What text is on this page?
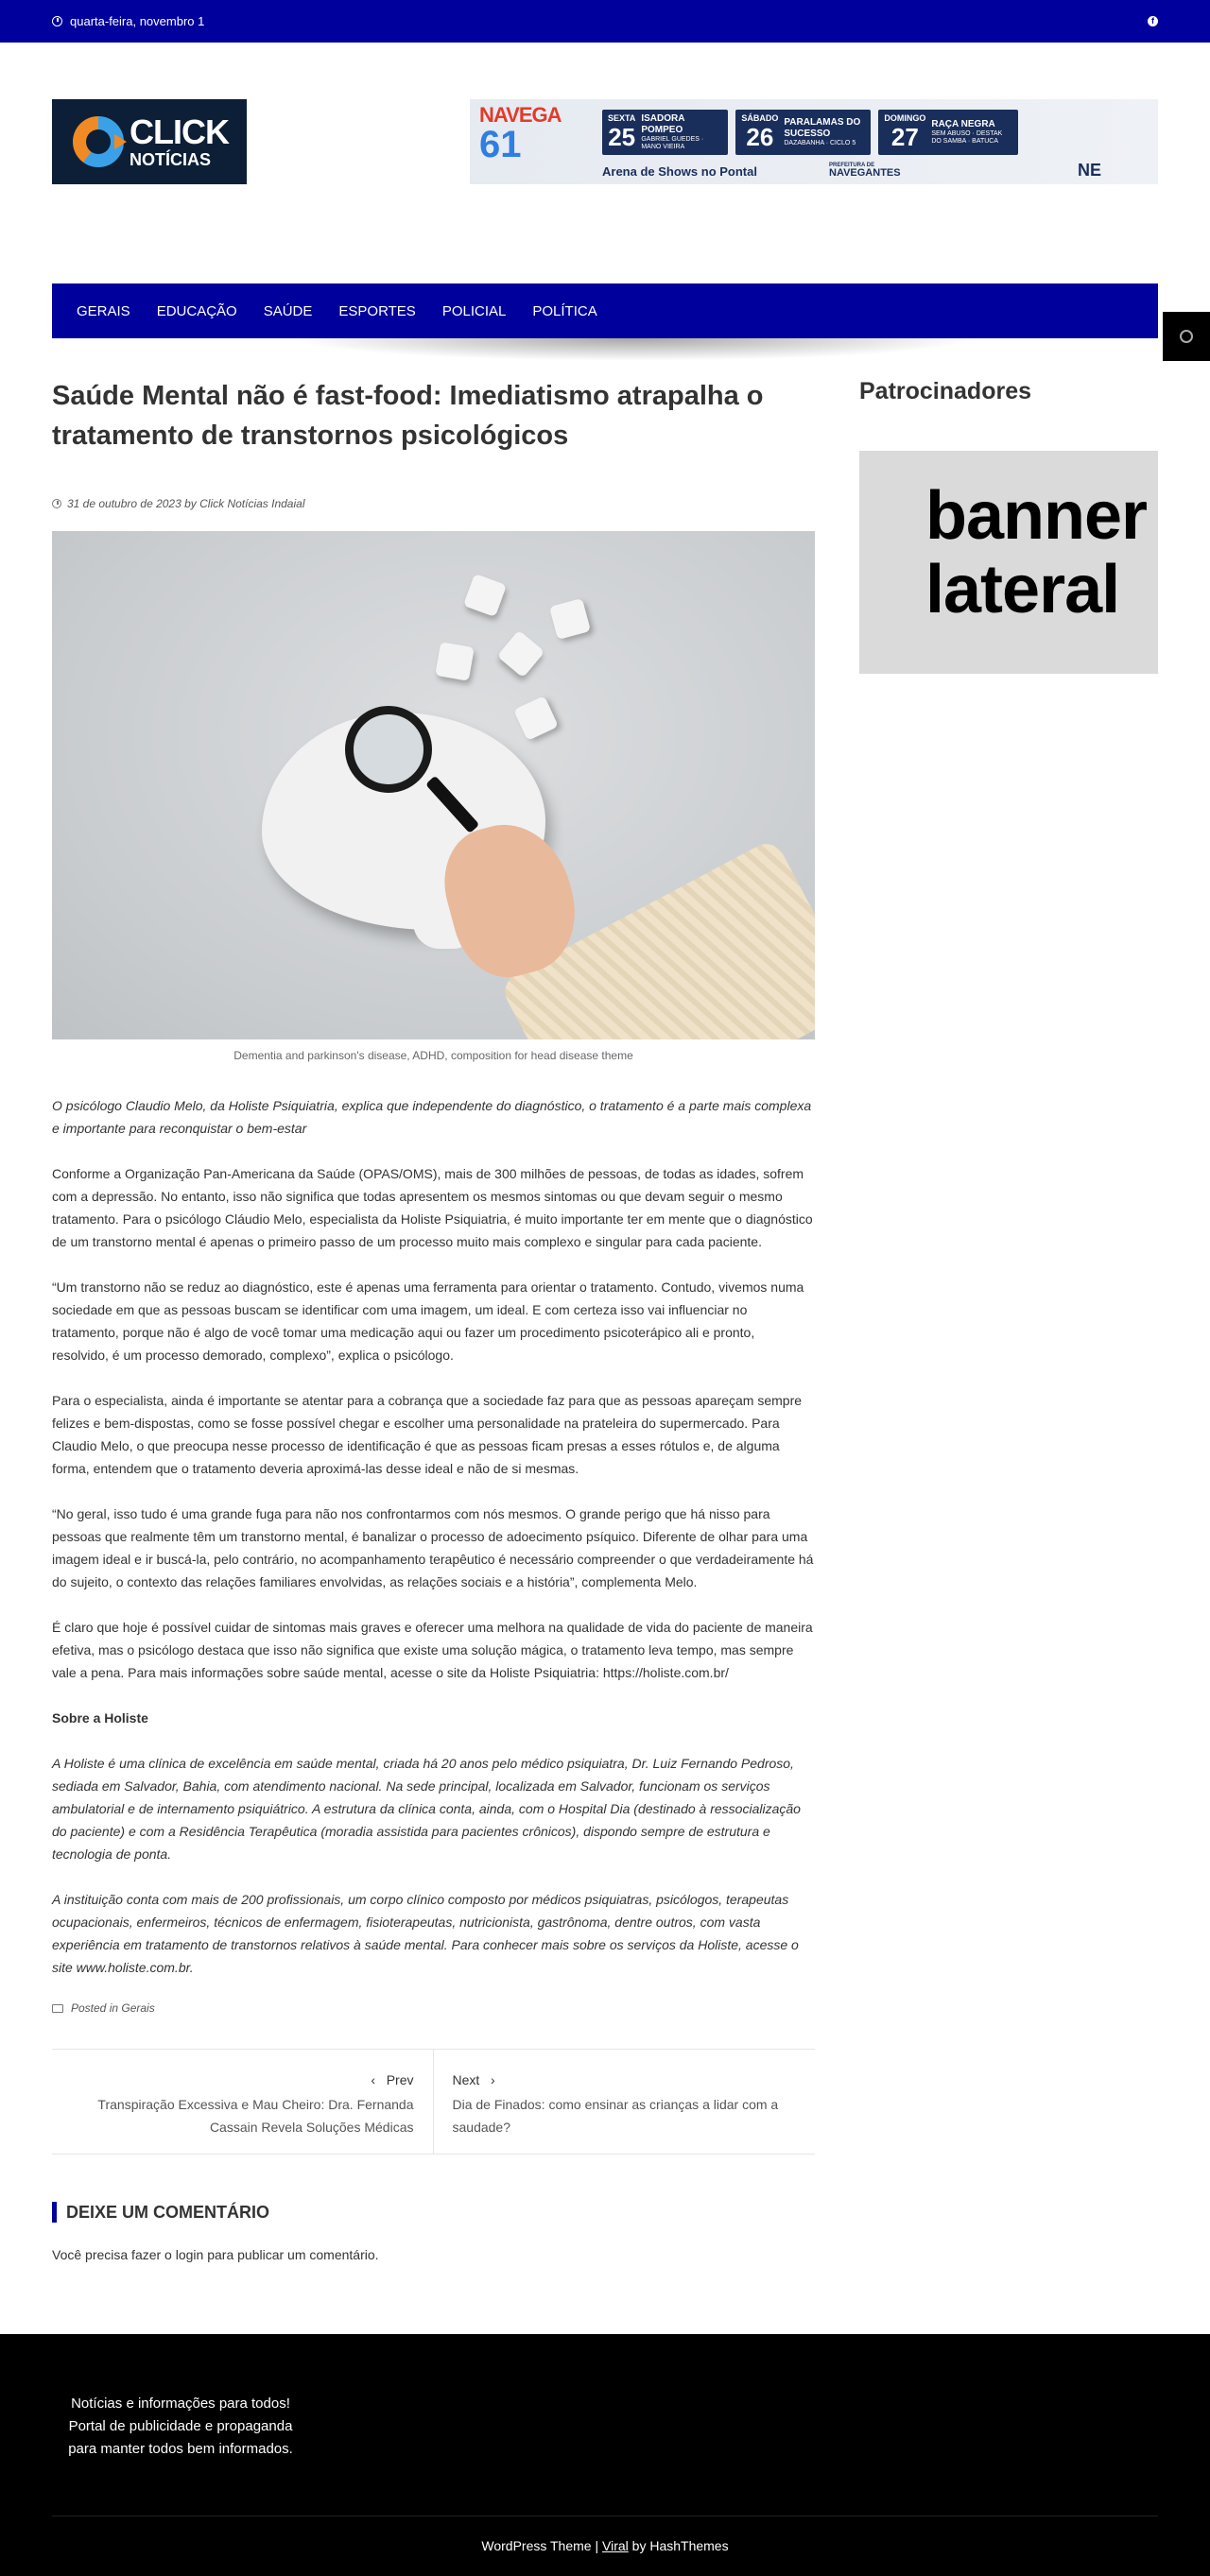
quarta-feira, novembro 1	f
CLICK
NOTÍCIAS
NAVEGA
61
SEXTA
25
ISADORA POMPEO
GABRIEL GUEDES · MANO VIEIRA
SÁBADO
26
PARALAMAS DO SUCESSO
DAZABANHA · CICLO 5
DOMINGO
27	RAÇA NEGRA
SEM ABUSO · DESTAK DO SAMBA · BATUCA
Arena de Shows no Pontal	PREFEITURA DE
NAVEGANTES	NE
GERAIS	EDUCAÇÃO	SAÚDE	ESPORTES	POLICIAL	POLÍTICA
Saúde Mental não é fast-food: Imediatismo atrapalha o tratamento de transtornos psicológicos
31 de outubro de 2023 by Click Notícias Indaial
Dementia and parkinson's disease, ADHD, composition for head disease theme

O psicólogo Claudio Melo, da Holiste Psiquiatria, explica que independente do diagnóstico, o tratamento é a parte mais complexa e importante para reconquistar o bem-estar

Conforme a Organização Pan-Americana da Saúde (OPAS/OMS), mais de 300 milhões de pessoas, de todas as idades, sofrem com a depressão. No entanto, isso não significa que todas apresentem os mesmos sintomas ou que devam seguir o mesmo tratamento. Para o psicólogo Cláudio Melo, especialista da Holiste Psiquiatria, é muito importante ter em mente que o diagnóstico de um transtorno mental é apenas o primeiro passo de um processo muito mais complexo e singular para cada paciente.

“Um transtorno não se reduz ao diagnóstico, este é apenas uma ferramenta para orientar o tratamento. Contudo, vivemos numa sociedade em que as pessoas buscam se identificar com uma imagem, um ideal. E com certeza isso vai influenciar no tratamento, porque não é algo de você tomar uma medicação aqui ou fazer um procedimento psicoterápico ali e pronto, resolvido, é um processo demorado, complexo”, explica o psicólogo.

Para o especialista, ainda é importante se atentar para a cobrança que a sociedade faz para que as pessoas apareçam sempre felizes e bem-dispostas, como se fosse possível chegar e escolher uma personalidade na prateleira do supermercado. Para Claudio Melo, o que preocupa nesse processo de identificação é que as pessoas ficam presas a esses rótulos e, de alguma forma, entendem que o tratamento deveria aproximá-las desse ideal e não de si mesmas.

“No geral, isso tudo é uma grande fuga para não nos confrontarmos com nós mesmos. O grande perigo que há nisso para pessoas que realmente têm um transtorno mental, é banalizar o processo de adoecimento psíquico. Diferente de olhar para uma imagem ideal e ir buscá-la, pelo contrário, no acompanhamento terapêutico é necessário compreender o que verdadeiramente há do sujeito, o contexto das relações familiares envolvidas, as relações sociais e a história”, complementa Melo.

É claro que hoje é possível cuidar de sintomas mais graves e oferecer uma melhora na qualidade de vida do paciente de maneira efetiva, mas o psicólogo destaca que isso não significa que existe uma solução mágica, o tratamento leva tempo, mas sempre vale a pena. Para mais informações sobre saúde mental, acesse o site da Holiste Psiquiatria: https://holiste.com.br/

Sobre a Holiste

A Holiste é uma clínica de excelência em saúde mental, criada há 20 anos pelo médico psiquiatra, Dr. Luiz Fernando Pedroso, sediada em Salvador, Bahia, com atendimento nacional. Na sede principal, localizada em Salvador, funcionam os serviços ambulatorial e de internamento psiquiátrico. A estrutura da clínica conta, ainda, com o Hospital Dia (destinado à ressocialização do paciente) e com a Residência Terapêutica (moradia assistida para pacientes crônicos), dispondo sempre de estrutura e tecnologia de ponta.

A instituição conta com mais de 200 profissionais, um corpo clínico composto por médicos psiquiatras, psicólogos, terapeutas ocupacionais, enfermeiros, técnicos de enfermagem, fisioterapeutas, nutricionista, gastrônoma, dentre outros, com vasta experiência em tratamento de transtornos relativos à saúde mental. Para conhecer mais sobre os serviços da Holiste, acesse o site www.holiste.com.br.

Posted in Gerais
‹ Prev
Transpiração Excessiva e Mau Cheiro: Dra. Fernanda Cassain Revela Soluções Médicas
Next ›
Dia de Finados: como ensinar as crianças a lidar com a saudade?
DEIXE UM COMENTÁRIO

Você precisa fazer o login para publicar um comentário.

Patrocinadores
banner
lateral
Notícias e informações para todos!
Portal de publicidade e propaganda
para manter todos bem informados.
WordPress Theme | Viral by HashThemes
